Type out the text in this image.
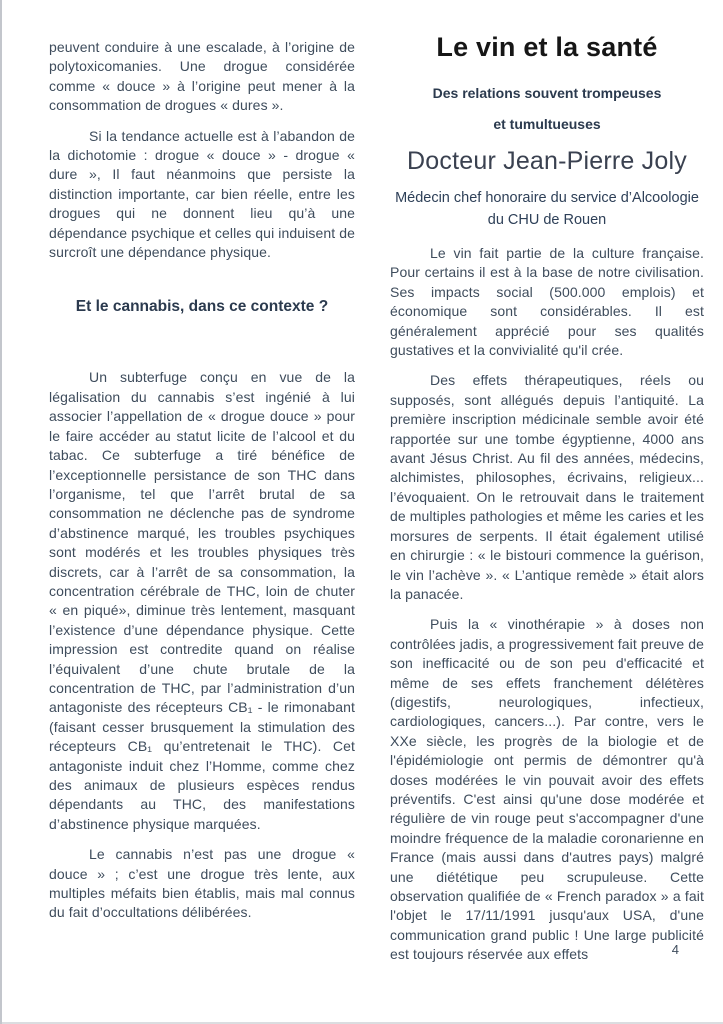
peuvent conduire à une escalade, à l’origine de polytoxicomanies. Une drogue considérée comme « douce » à l’origine peut mener à la consommation de drogues « dures ».

Si la tendance actuelle est à l’abandon de la dichotomie : drogue « douce » - drogue « dure », Il faut néanmoins que persiste la distinction importante, car bien réelle, entre les drogues qui ne donnent lieu qu’à une dépendance psychique et celles qui induisent de surcroît une dépendance physique.

Et le cannabis, dans ce contexte ?

Un subterfuge conçu en vue de la légalisation du cannabis s’est ingénié à lui associer l’appellation de « drogue douce » pour le faire accéder au statut licite de l’alcool et du tabac. Ce subterfuge a tiré bénéfice de l’exceptionnelle persistance de son THC dans l’organisme, tel que l’arrêt brutal de sa consommation ne déclenche pas de syndrome d’abstinence marqué, les troubles psychiques sont modérés et les troubles physiques très discrets, car à l’arrêt de sa consommation, la concentration cérébrale de THC, loin de chuter « en piqué», diminue très lentement, masquant l’existence d’une dépendance physique. Cette impression est contredite quand on réalise l’équivalent d’une chute brutale de la concentration de THC, par l’administration d’un antagoniste des récepteurs CB₁ - le rimonabant (faisant cesser brusquement la stimulation des récepteurs CB₁ qu’entretenait le THC). Cet antagoniste induit chez l’Homme, comme chez des animaux de plusieurs espèces rendus dépendants au THC, des manifestations d’abstinence physique marquées.

Le cannabis n’est pas une drogue « douce » ; c’est une drogue très lente, aux multiples méfaits bien établis, mais mal connus du fait d’occultations délibérées.

Le vin et la santé
Des relations souvent trompeuses
et tumultueuses
Docteur Jean-Pierre Joly
Médecin chef honoraire du service d’Alcoologie
du CHU de Rouen

Le vin fait partie de la culture française. Pour certains il est à la base de notre civilisation. Ses impacts social (500.000 emplois) et économique sont considérables. Il est généralement apprécié pour ses qualités gustatives et la convivialité qu'il crée.

Des effets thérapeutiques, réels ou supposés, sont allégués depuis l’antiquité. La première inscription médicinale semble avoir été rapportée sur une tombe égyptienne, 4000 ans avant Jésus Christ. Au fil des années, médecins, alchimistes, philosophes, écrivains, religieux... l’évoquaient. On le retrouvait dans le traitement de multiples pathologies et même les caries et les morsures de serpents. Il était également utilisé en chirurgie : « le bistouri commence la guérison, le vin l’achève ». « L’antique remède » était alors la panacée.

Puis la « vinothérapie » à doses non contrôlées jadis, a progressivement fait preuve de son inefficacité ou de son peu d'efficacité et même de ses effets franchement délétères (digestifs, neurologiques, infectieux, cardiologiques, cancers...). Par contre, vers le XXe siècle, les progrès de la biologie et de l'épidémiologie ont permis de démontrer qu'à doses modérées le vin pouvait avoir des effets préventifs. C'est ainsi qu'une dose modérée et régulière de vin rouge peut s'accompagner d'une moindre fréquence de la maladie coronarienne en France (mais aussi dans d'autres pays) malgré une diététique peu scrupuleuse. Cette observation qualifiée de « French paradox » a fait l'objet le 17/11/1991 jusqu'aux USA, d'une communication grand public ! Une large publicité est toujours réservée aux effets	4
